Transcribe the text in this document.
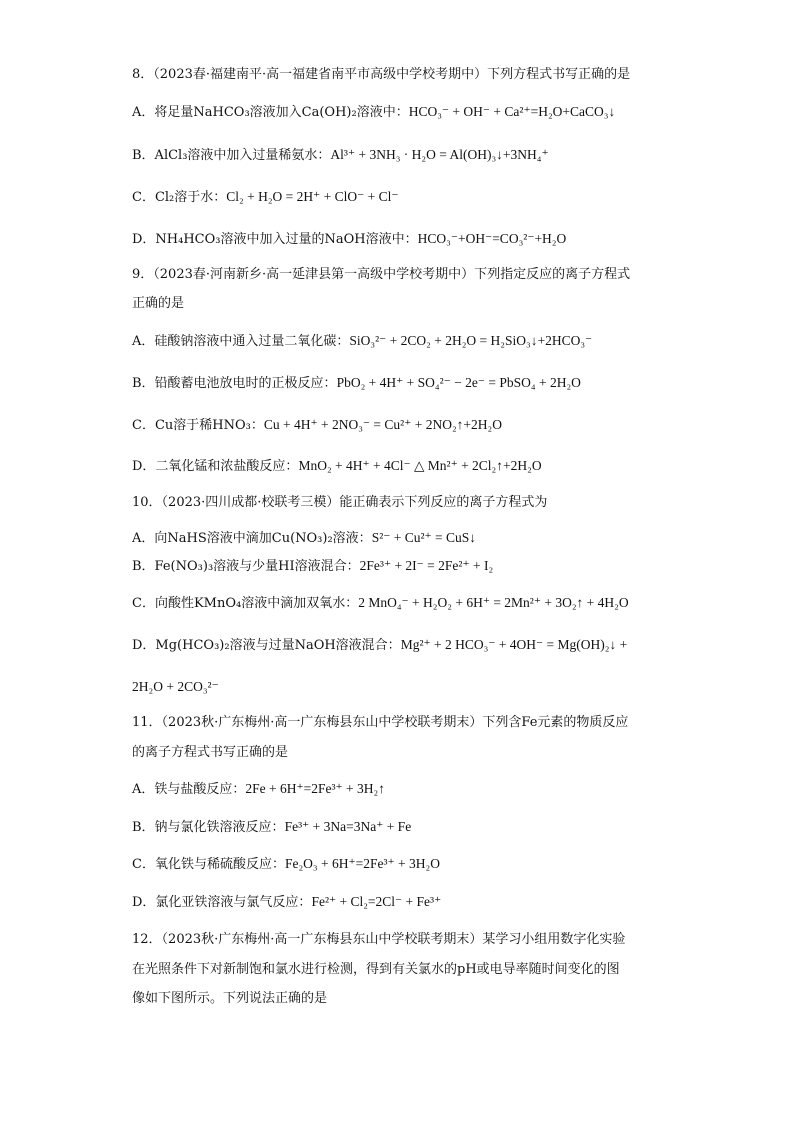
8．（2023春·福建南平·高一福建省南平市高级中学校考期中）下列方程式书写正确的是
A．将足量NaHCO₃溶液加入Ca(OH)₂溶液中：HCO₃⁻ + OH⁻ + Ca²⁺=H₂O+CaCO₃↓
B．AlCl₃溶液中加入过量稀氨水：Al³⁺ + 3NH₃ · H₂O = Al(OH)₃↓+3NH₄⁺
C．Cl₂溶于水：Cl₂ + H₂O = 2H⁺ + ClO⁻ + Cl⁻
D．NH₄HCO₃溶液中加入过量的NaOH溶液中：HCO₃⁻+OH⁻=CO₃²⁻+H₂O
9．（2023春·河南新乡·高一延津县第一高级中学校考期中）下列指定反应的离子方程式
正确的是
A．硅酸钠溶液中通入过量二氧化碳：SiO₃²⁻ + 2CO₂ + 2H₂O = H₂SiO₃↓+2HCO₃⁻
B．铅酸蓄电池放电时的正极反应：PbO₂ + 4H⁺ + SO₄²⁻ − 2e⁻ = PbSO₄ + 2H₂O
C．Cu溶于稀HNO₃：Cu + 4H⁺ + 2NO₃⁻ = Cu²⁺ + 2NO₂↑+2H₂O
D．二氧化锰和浓盐酸反应：MnO₂ + 4H⁺ + 4Cl⁻ △ Mn²⁺ + 2Cl₂↑+2H₂O
10．（2023·四川成都·校联考三模）能正确表示下列反应的离子方程式为
A．向NaHS溶液中滴加Cu(NO₃)₂溶液：S²⁻ + Cu²⁺ = CuS↓
B．Fe(NO₃)₃溶液与少量HI溶液混合：2Fe³⁺ + 2I⁻ = 2Fe²⁺ + I₂
C．向酸性KMnO₄溶液中滴加双氧水：2 MnO₄⁻ + H₂O₂ + 6H⁺ = 2Mn²⁺ + 3O₂↑ + 4H₂O
D．Mg(HCO₃)₂溶液与过量NaOH溶液混合：Mg²⁺ + 2 HCO₃⁻ + 4OH⁻ = Mg(OH)₂↓ +
2H₂O + 2CO₃²⁻
11．（2023秋·广东梅州·高一广东梅县东山中学校联考期末）下列含Fe元素的物质反应
的离子方程式书写正确的是
A．铁与盐酸反应：2Fe + 6H⁺=2Fe³⁺ + 3H₂↑
B．钠与氯化铁溶液反应：Fe³⁺ + 3Na=3Na⁺ + Fe
C．氧化铁与稀硫酸反应：Fe₂O₃ + 6H⁺=2Fe³⁺ + 3H₂O
D．氯化亚铁溶液与氯气反应：Fe²⁺ + Cl₂=2Cl⁻ + Fe³⁺
12．（2023秋·广东梅州·高一广东梅县东山中学校联考期末）某学习小组用数字化实验
在光照条件下对新制饱和氯水进行检测，得到有关氯水的pH或电导率随时间变化的图
像如下图所示。下列说法正确的是
